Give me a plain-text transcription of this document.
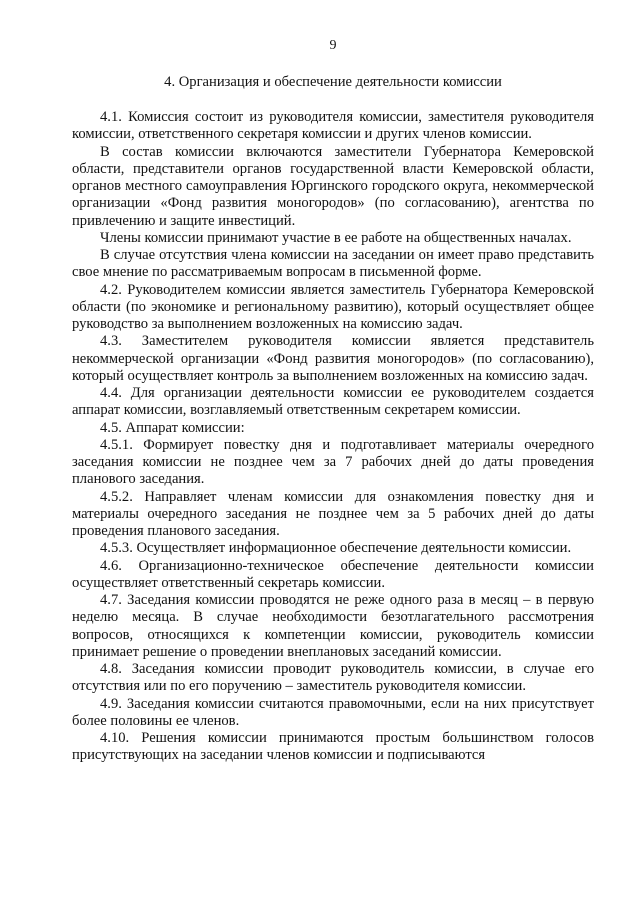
9
4. Организация и обеспечение деятельности комиссии

4.1. Комиссия состоит из руководителя комиссии, заместителя руководителя комиссии, ответственного секретаря комиссии и других членов комиссии.

В состав комиссии включаются заместители Губернатора Кемеровской области, представители органов государственной власти Кемеровской области, органов местного самоуправления Юргинского городского округа, некоммерческой организации «Фонд развития моногородов» (по согласованию), агентства по привлечению и защите инвестиций.

Члены комиссии принимают участие в ее работе на общественных началах.

В случае отсутствия члена комиссии на заседании он имеет право представить свое мнение по рассматриваемым вопросам в письменной форме.

4.2. Руководителем комиссии является заместитель Губернатора Кемеровской области (по экономике и региональному развитию), который осуществляет общее руководство за выполнением возложенных на комиссию задач.

4.3. Заместителем руководителя комиссии является представитель некоммерческой организации «Фонд развития моногородов» (по согласованию), который осуществляет контроль за выполнением возложенных на комиссию задач.

4.4. Для организации деятельности комиссии ее руководителем создается аппарат комиссии, возглавляемый ответственным секретарем комиссии.

4.5. Аппарат комиссии:

4.5.1. Формирует повестку дня и подготавливает материалы очередного заседания комиссии не позднее чем за 7 рабочих дней до даты проведения планового заседания.

4.5.2. Направляет членам комиссии для ознакомления повестку дня и материалы очередного заседания не позднее чем за 5 рабочих дней до даты проведения планового заседания.

4.5.3. Осуществляет информационное обеспечение деятельности комиссии.

4.6. Организационно-техническое обеспечение деятельности комиссии осуществляет ответственный секретарь комиссии.

4.7. Заседания комиссии проводятся не реже одного раза в месяц – в первую неделю месяца. В случае необходимости безотлагательного рассмотрения вопросов, относящихся к компетенции комиссии, руководитель комиссии принимает решение о проведении внеплановых заседаний комиссии.

4.8. Заседания комиссии проводит руководитель комиссии, в случае его отсутствия или по его поручению – заместитель руководителя комиссии.

4.9. Заседания комиссии считаются правомочными, если на них присутствует более половины ее членов.

4.10. Решения комиссии принимаются простым большинством голосов присутствующих на заседании членов комиссии и подписываются
